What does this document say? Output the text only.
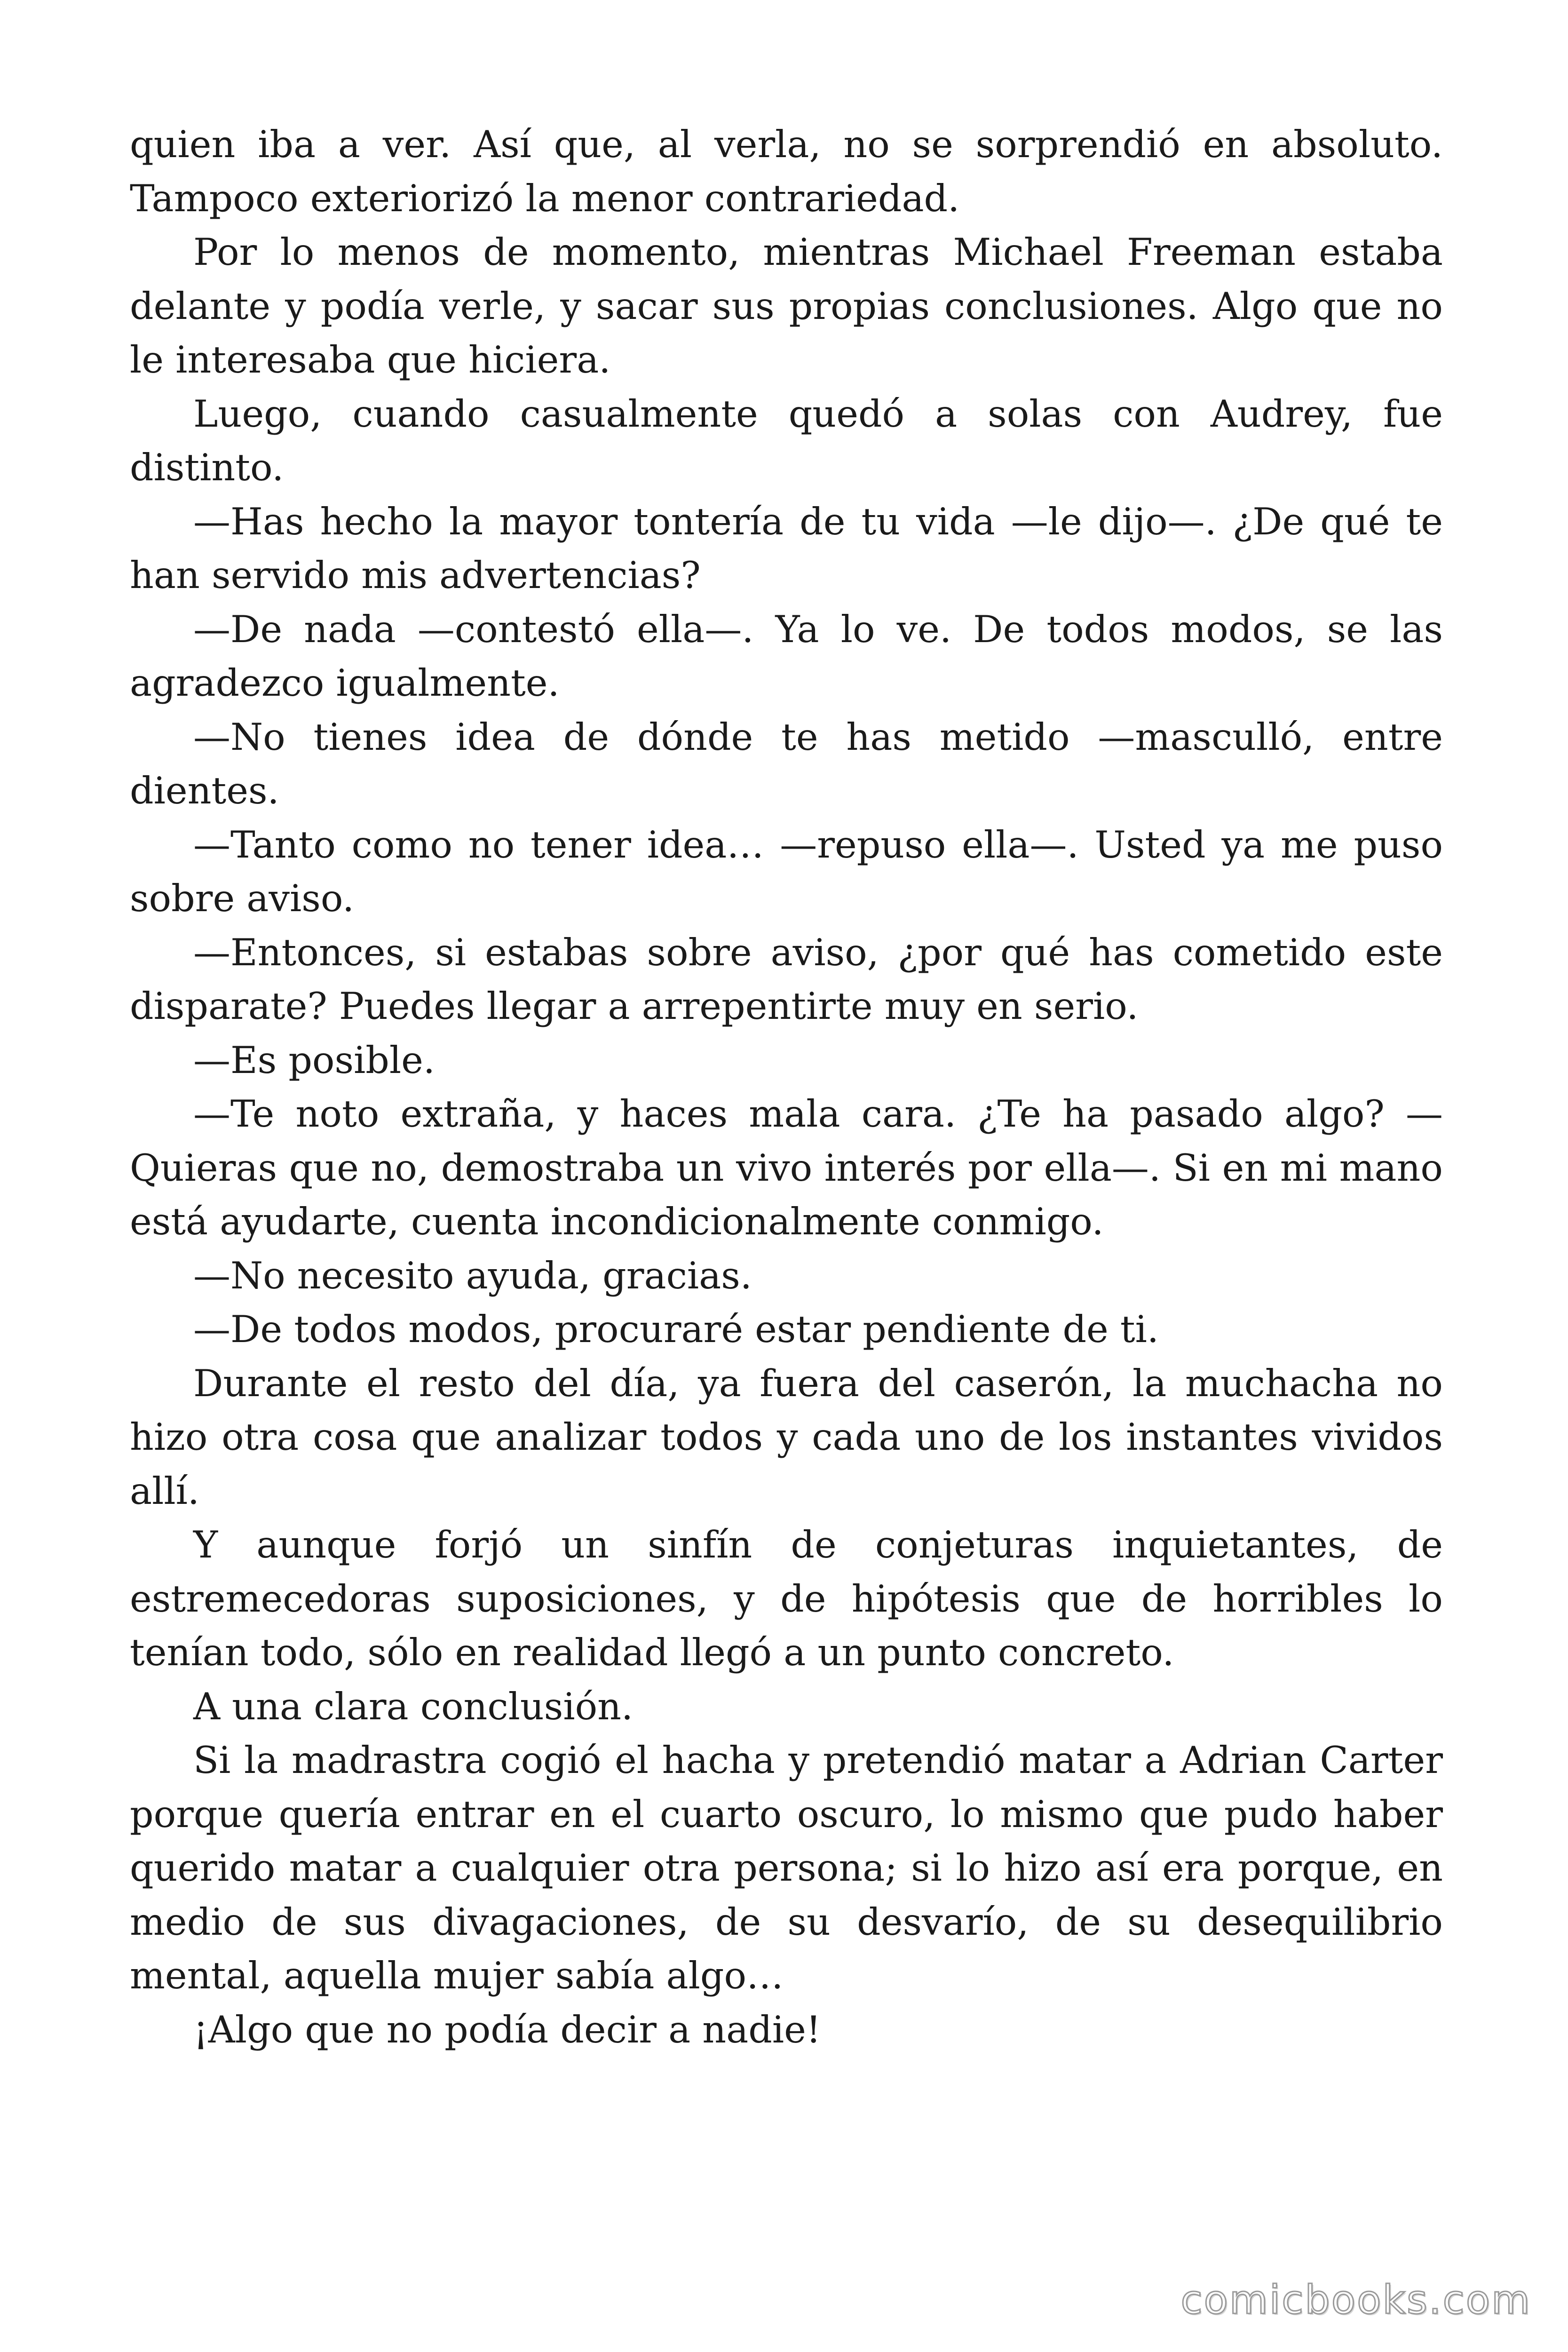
quien iba a ver. Así que, al verla, no se sorprendió en absoluto. Tampoco exteriorizó la menor contrariedad.

Por lo menos de momento, mientras Michael Freeman estaba delante y podía verle, y sacar sus propias conclusiones. Algo que no le interesaba que hiciera.

Luego, cuando casualmente quedó a solas con Audrey, fue distinto.

—Has hecho la mayor tontería de tu vida —le dijo—. ¿De qué te han servido mis advertencias?

—De nada —contestó ella—. Ya lo ve. De todos modos, se las agradezco igualmente.

—No tienes idea de dónde te has metido —masculló, entre dientes.

—Tanto como no tener idea… —repuso ella—. Usted ya me puso sobre aviso.

—Entonces, si estabas sobre aviso, ¿por qué has cometido este disparate? Puedes llegar a arrepentirte muy en serio.

—Es posible.

—Te noto extraña, y haces mala cara. ¿Te ha pasado algo? —Quieras que no, demostraba un vivo interés por ella—. Si en mi mano está ayudarte, cuenta incondicionalmente conmigo.

—No necesito ayuda, gracias.

—De todos modos, procuraré estar pendiente de ti.

Durante el resto del día, ya fuera del caserón, la muchacha no hizo otra cosa que analizar todos y cada uno de los instantes vividos allí.

Y aunque forjó un sinfín de conjeturas inquietantes, de estremecedoras suposiciones, y de hipótesis que de horribles lo tenían todo, sólo en realidad llegó a un punto concreto.

A una clara conclusión.

Si la madrastra cogió el hacha y pretendió matar a Adrian Carter porque quería entrar en el cuarto oscuro, lo mismo que pudo haber querido matar a cualquier otra persona; si lo hizo así era porque, en medio de sus divagaciones, de su desvarío, de su desequilibrio mental, aquella mujer sabía algo…

¡Algo que no podía decir a nadie!

comicbooks.com
